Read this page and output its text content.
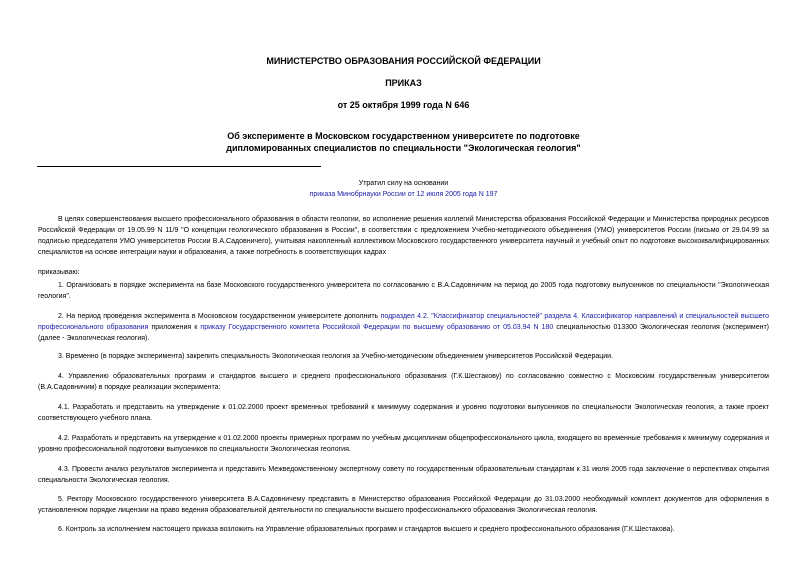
МИНИСТЕРСТВО ОБРАЗОВАНИЯ РОССИЙСКОЙ ФЕДЕРАЦИИ
ПРИКАЗ
от 25 октября 1999 года N 646
Об эксперименте в Московском государственном университете по подготовке
дипломированных специалистов по специальности "Экологическая геология"
Утратил силу на основании
приказа Минобрнауки России от 12 июля 2005 года N 197

В целях совершенствования высшего профессионального образования в области геологии, во исполнение решения коллегий Министерства образования Российской Федерации и Министерства природных ресурсов Российской Федерации от 19.05.99 N 11/9 "О концепции геологического образования в России", в соответствии с предложением Учебно-методического объединения (УМО) университетов России (письмо от 29.04.99 за подписью председателя УМО университетов России В.А.Садовничего), учитывая накопленный коллективом Московского государственного университета научный и учебный опыт по подготовке высококвалифицированных специалистов на основе интеграции науки и образования, а также потребность в соответствующих кадрах

приказываю:

1. Организовать в порядке эксперимента на базе Московского государственного университета по согласованию с В.А.Садовничим на период до 2005 года подготовку выпускников по специальности "Экологическая геология".

2. На период проведения эксперимента в Московском государственном университете дополнить подраздел 4.2. "Классификатор специальностей" раздела 4. Классификатор направлений и специальностей высшего профессионального образования приложения к приказу Государственного комитета Российской Федерации по высшему образованию от 05.03.94 N 180 специальностью 013300 Экологическая геология (эксперимент) (далее - Экологическая геология).

3. Временно (в порядке эксперимента) закрепить специальность Экологическая геология за Учебно-методическим объединением университетов Российской Федерации.

4. Управлению образовательных программ и стандартов высшего и среднего профессионального образования (Г.К.Шестакову) по согласованию совместно с Московским государственным университетом (В.А.Садовничим) в порядке реализации эксперимента:

4.1. Разработать и представить на утверждение к 01.02.2000 проект временных требований к минимуму содержания и уровню подготовки выпускников по специальности Экологическая геология, а также проект соответствующего учебного плана.

4.2. Разработать и представить на утверждение к 01.02.2000 проекты примерных программ по учебным дисциплинам общепрофессионального цикла, входящего во временные требования к минимуму содержания и уровню профессиональной подготовки выпускников по специальности Экологическая геология.

4.3. Провести анализ результатов эксперимента и представить Межведомственному экспертному совету по государственным образовательным стандартам к 31 июля 2005 года заключение о перспективах открытия специальности Экологическая геология.

5. Ректору Московского государственного университета В.А.Садовничему представить в Министерство образования Российской Федерации до 31.03.2000 необходимый комплект документов для оформления в установленном порядке лицензии на право ведения образовательной деятельности по специальности высшего профессионального образования Экологическая геология.

6. Контроль за исполнением настоящего приказа возложить на Управление образовательных программ и стандартов высшего и среднего профессионального образования (Г.К.Шестакова).
